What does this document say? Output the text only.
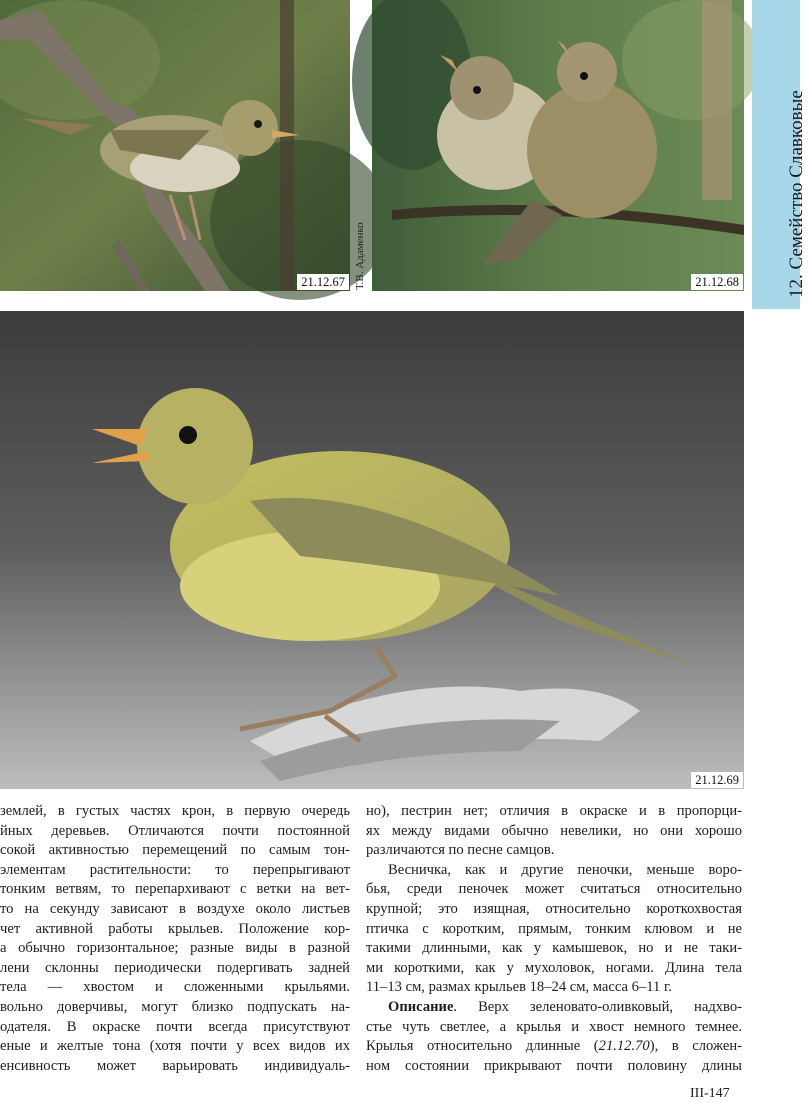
21.12.67	21.12.68
Т.В. Адаменко	12. Семейство Славковые
21.12.69
землей, в густых частях крон, в первую очередь
йных деревьев. Отличаются почти постоянной
сокой активностью перемещений по самым тон-
элементам растительности: то перепрыгивают
тонким ветвям, то перепархивают с ветки на вет-
то на секунду зависают в воздухе около листьев
чет активной работы крыльев. Положение кор-
а обычно горизонтальное; разные виды в разной
лени склонны периодически подергивать задней
тела — хвостом и сложенными крыльями.
вольно доверчивы, могут близко подпускать на-
одателя. В окраске почти всегда присутствуют
еные и желтые тона (хотя почти у всех видов их
енсивность может варьировать индивидуаль-
но), пестрин нет; отличия в окраске и в пропорци-
ях между видами обычно невелики, но они хорошо
различаются по песне самцов.
Весничка, как и другие пеночки, меньше воро-
бья, среди пеночек может считаться относительно
крупной; это изящная, относительно короткохвостая
птичка с коротким, прямым, тонким клювом и не
такими длинными, как у камышевок, но и не таки-
ми короткими, как у мухоловок, ногами. Длина тела
11–13 см, размах крыльев 18–24 см, масса 6–11 г.
Описание. Верх зеленовато-оливковый, надхво-
стье чуть светлее, а крылья и хвост немного темнее.
Крылья относительно длинные (21.12.70), в сложен-
ном состоянии прикрывают почти половину длины
III-147
